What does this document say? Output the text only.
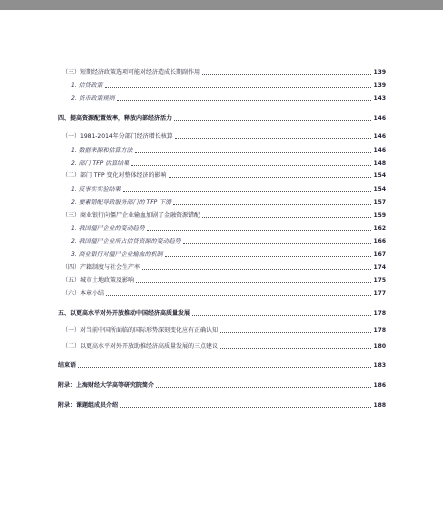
（三）短期经济政策选项可能对经济造成长期副作用	139
1. 信贷政策	139
2. 货币政策规则	143
四、提高资源配置效率，释放内部经济活力	146
（一）1981-2014年分部门经济增长核算	146
1. 数据来源和估算方法	146
2. 部门 TFP 估算结果	148
（二）部门 TFP 变化对整体经济的影响	154
1. 反事实实验结果	154
2. 要素错配导致服务部门的 TFP 下滑	157
（三）商业银行向僵尸企业输血加剧了金融资源错配	159
1. 我国僵尸企业的变动趋势	162
2. 我国僵尸企业所占信贷资源的变动趋势	166
3. 商业银行对僵尸企业输血的机制	167
（四）产籍制度与社会生产率	174
（五）城市土地政策及影响	175
（六）本章小结	177
五、以更高水平对外开放推动中国经济高质量发展	178
（一）对当前中国所面临的国际形势深刻变化应有正确认知	178
（二）以更高水平对外开放助推经济高质量发展的三点建议	180
结束语	183
附录：上海财经大学高等研究院简介	186
附录：课题组成员介绍	188
